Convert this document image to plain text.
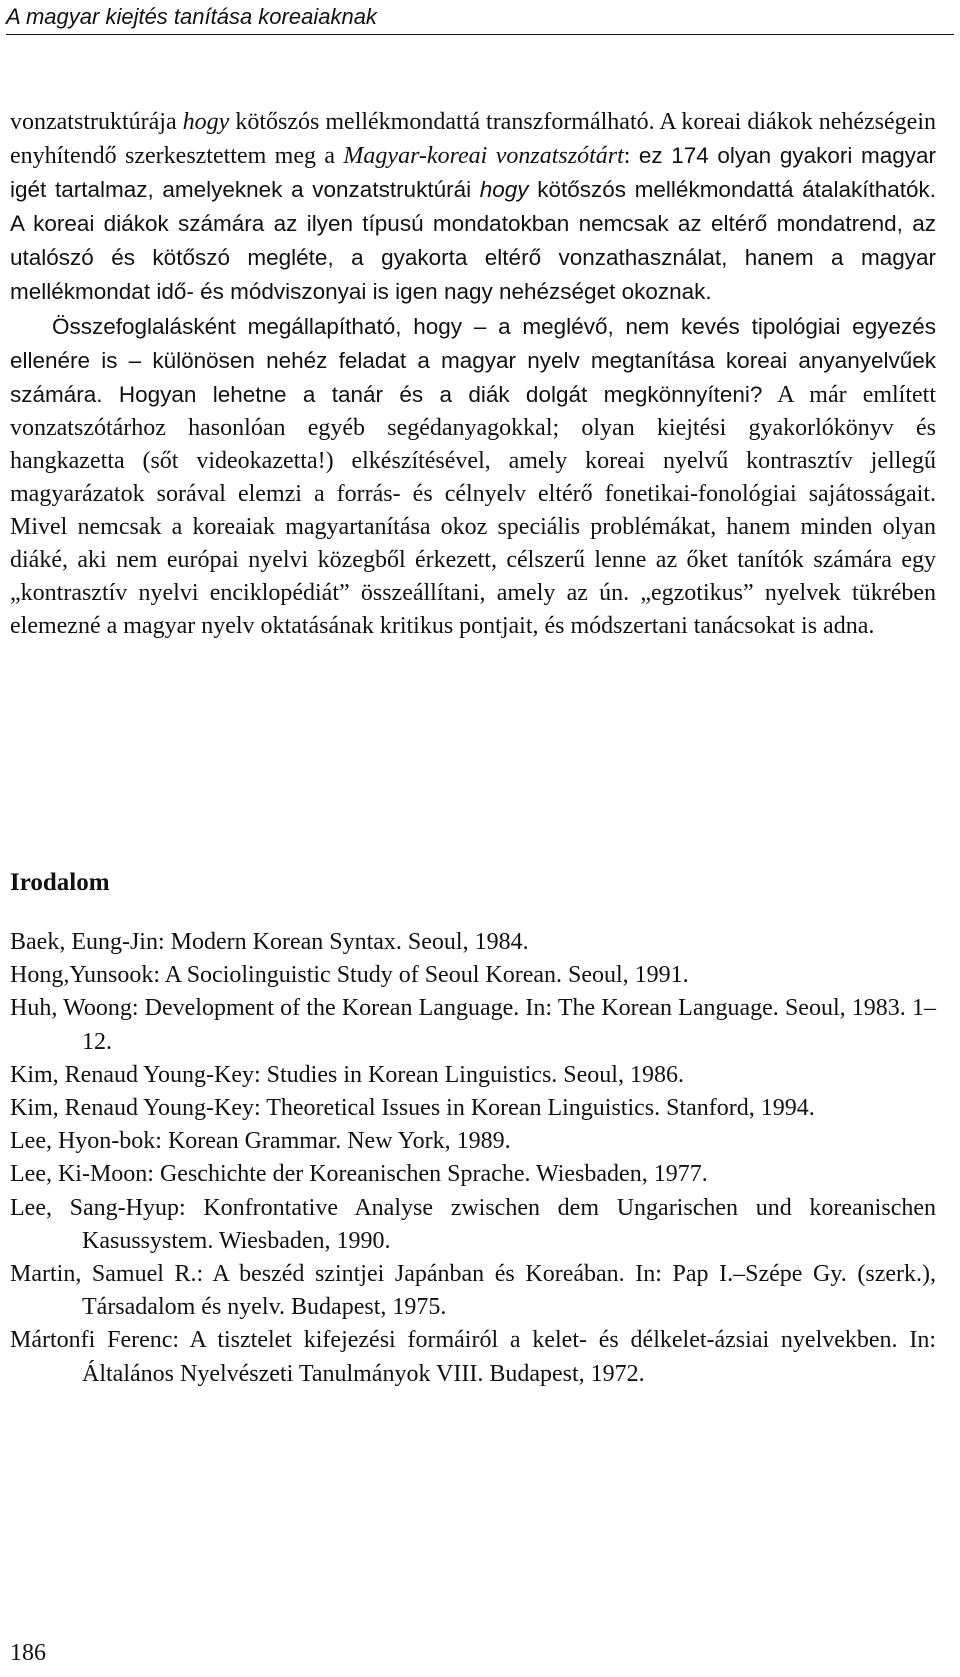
A magyar kiejtés tanítása koreaiaknak

vonzatstruktúrája hogy kötőszós mellékmondattá transzformálható. A koreai diákok nehézségein enyhítendő szerkesztettem meg a Magyar-koreai vonzatszótárt: ez 174 olyan gyakori magyar igét tartalmaz, amelyeknek a vonzatstruktúrái hogy kötőszós mellékmondattá átalakíthatók. A koreai diákok számára az ilyen típusú mondatokban nemcsak az eltérő mondatrend, az utalószó és kötőszó megléte, a gyakorta eltérő vonzathasználat, hanem a magyar mellékmondat idő- és módviszonyai is igen nagy nehézséget okoznak.

Összefoglalásként megállapítható, hogy – a meglévő, nem kevés tipológiai egyezés ellenére is – különösen nehéz feladat a magyar nyelv megtanítása koreai anyanyelvűek számára. Hogyan lehetne a tanár és a diák dolgát megkönnyíteni? A már említett vonzatszótárhoz hasonlóan egyéb segédanyagokkal; olyan kiejtési gyakorlókönyv és hangkazetta (sőt videokazetta!) elkészítésével, amely koreai nyelvű kontrasztív jellegű magyarázatok sorával elemzi a forrás- és célnyelv eltérő fonetikai-fonológiai sajátosságait. Mivel nemcsak a koreaiak magyartanítása okoz speciális problémákat, hanem minden olyan diáké, aki nem európai nyelvi közegből érkezett, célszerű lenne az őket tanítók számára egy „kontrasztív nyelvi enciklopédiát” összeállítani, amely az ún. „egzotikus” nyelvek tükrében elemezné a magyar nyelv oktatásának kritikus pontjait, és módszertani tanácsokat is adna.

Irodalom

Baek, Eung-Jin: Modern Korean Syntax. Seoul, 1984.

Hong,Yunsook: A Sociolinguistic Study of Seoul Korean. Seoul, 1991.

Huh, Woong: Development of the Korean Language. In: The Korean Language. Seoul, 1983. 1–12.

Kim, Renaud Young-Key: Studies in Korean Linguistics. Seoul, 1986.

Kim, Renaud Young-Key: Theoretical Issues in Korean Linguistics. Stanford, 1994.

Lee, Hyon-bok: Korean Grammar. New York, 1989.

Lee, Ki-Moon: Geschichte der Koreanischen Sprache. Wiesbaden, 1977.

Lee, Sang-Hyup: Konfrontative Analyse zwischen dem Ungarischen und koreanischen Kasussystem. Wiesbaden, 1990.

Martin, Samuel R.: A beszéd szintjei Japánban és Koreában. In: Pap I.–Szépe Gy. (szerk.), Társadalom és nyelv. Budapest, 1975.

Mártonfi Ferenc: A tisztelet kifejezési formáiról a kelet- és délkelet-ázsiai nyelvekben. In: Általános Nyelvészeti Tanulmányok VIII. Budapest, 1972.

186
